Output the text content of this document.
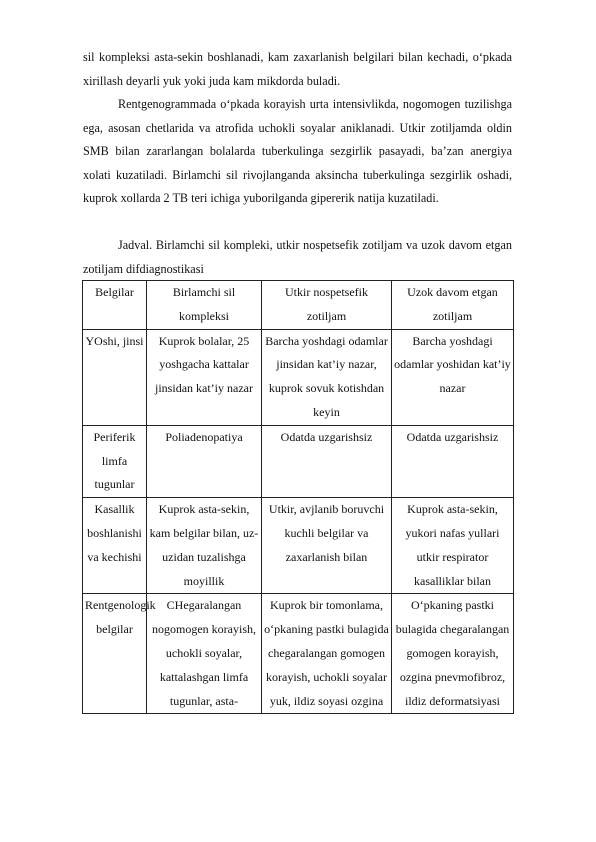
sil kompleksi asta-sekin boshlanadi, kam zaxarlanish belgilari bilan kechadi, o‘pkada xirillash deyarli yuk yoki juda kam mikdorda buladi.

Rentgenogrammada o‘pkada korayish urta intensivlikda, nogomogen tuzilishga ega, asosan chetlarida va atrofida uchokli soyalar aniklanadi. Utkir zotiljamda oldin SMB bilan zararlangan bolalarda tuberkulinga sezgirlik pasayadi, ba’zan anergiya xolati kuzatiladi. Birlamchi sil rivojlanganda aksincha tuberkulinga sezgirlik oshadi, kuprok xollarda 2 TB teri ichiga yuborilganda gipererik natija kuzatiladi.

Jadval. Birlamchi sil kompleki, utkir nospetsefik zotiljam va uzok davom etgan zotiljam difdiagnostikasi

Belgilar	Birlamchi sil kompleksi	Utkir nospetsefik zotiljam	Uzok davom etgan zotiljam
YOshi, jinsi	Kuprok bolalar, 25 yoshgacha kattalar jinsidan kat’iy nazar	Barcha yoshdagi odamlar jinsidan kat’iy nazar, kuprok sovuk kotishdan keyin	Barcha yoshdagi odamlar yoshidan kat’iy nazar
Periferik limfa tugunlar	Poliadenopatiya	Odatda uzgarishsiz	Odatda uzgarishsiz
Kasallik boshlanishi va kechishi	Kuprok asta-sekin, kam belgilar bilan, uz-uzidan tuzalishga moyillik	Utkir, avjlanib boruvchi kuchli belgilar va zaxarlanish bilan	Kuprok asta-sekin, yukori nafas yullari utkir respirator kasalliklar bilan
Rentgenologik belgilar	CHegaralangan nogomogen korayish, uchokli soyalar, kattalashgan limfa tugunlar, asta-	Kuprok bir tomonlama, o‘pkaning pastki bulagida chegaralangan gomogen korayish, uchokli soyalar yuk, ildiz soyasi ozgina	O‘pkaning pastki bulagida chegaralangan gomogen korayish, ozgina pnevmofibroz, ildiz deformatsiyasi
